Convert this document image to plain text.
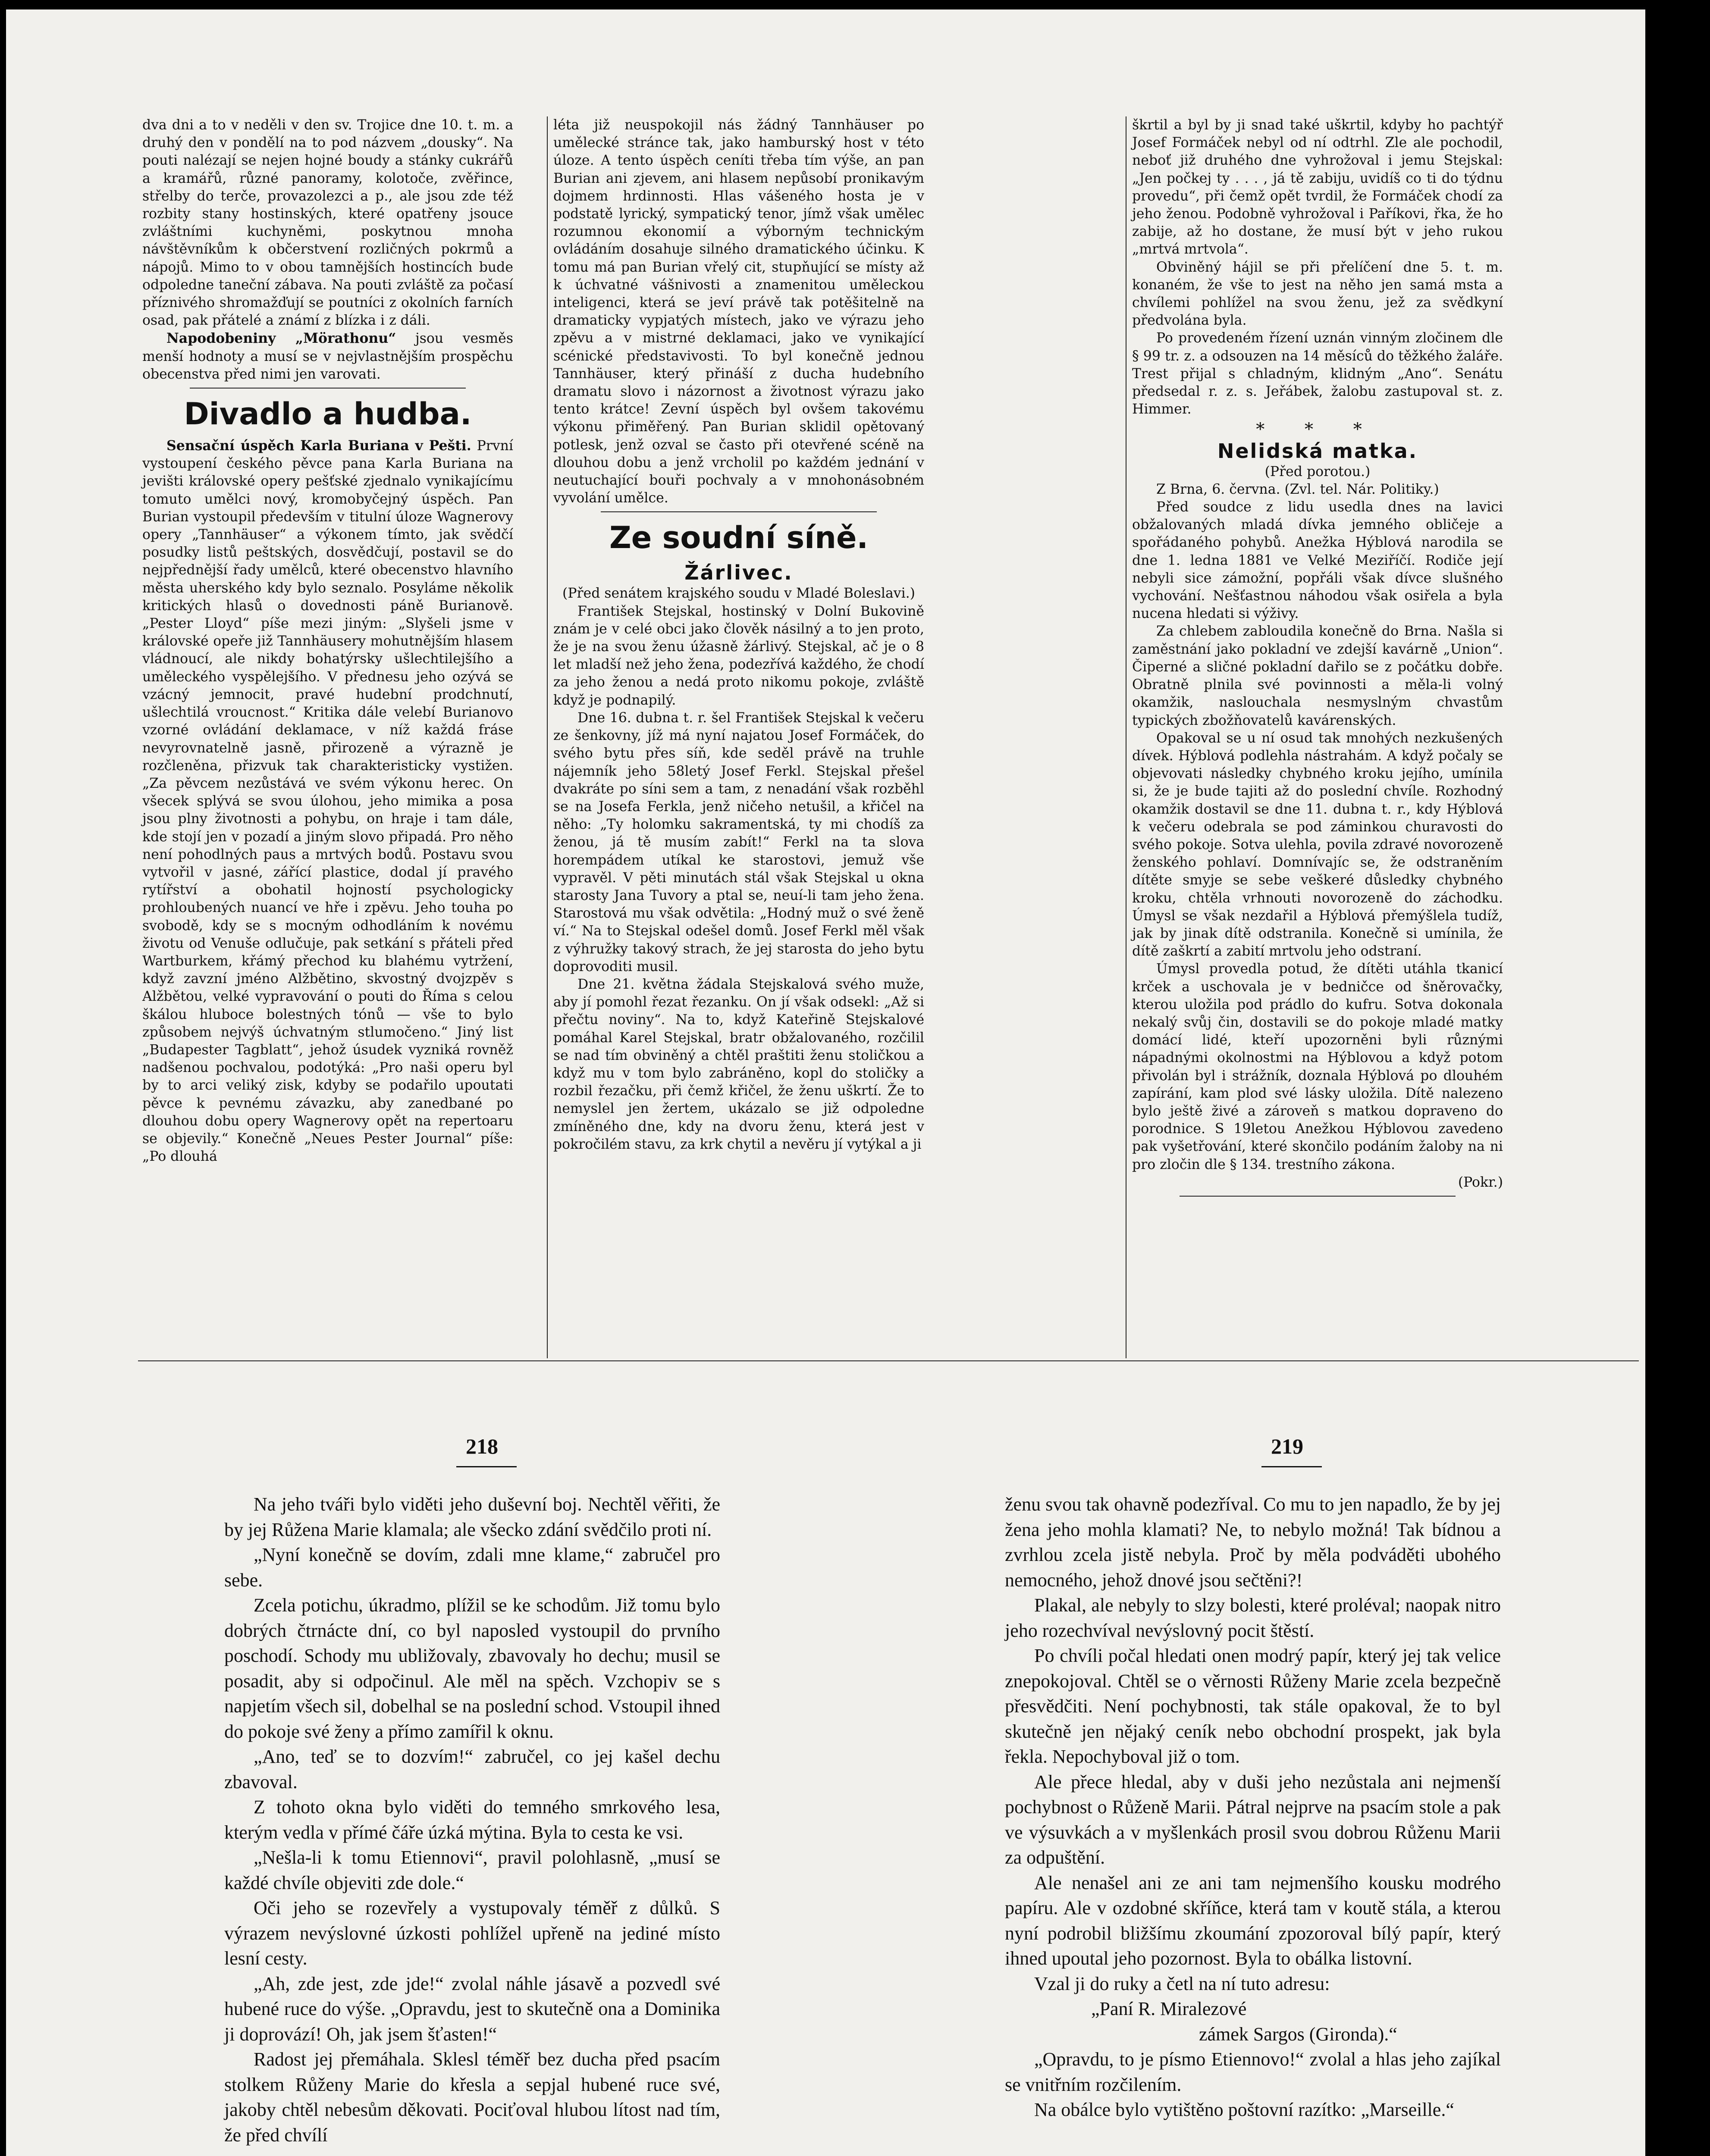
dva dni a to v neděli v den sv. Trojice dne 10. t. m. a druhý den v pondělí na to pod názvem „dousky“. Na pouti nalézají se nejen hojné boudy a stánky cukrářů a kramářů, různé panoramy, kolotoče, zvěřince, střelby do terče, provazolezci a p., ale jsou zde též rozbity stany hostinských, které opatřeny jsouce zvláštními kuchyněmi, poskytnou mnoha návštěvníkům k občerstvení rozličných pokrmů a nápojů. Mimo to v obou tamnějších hostincích bude odpoledne taneční zábava. Na pouti zvláště za počasí příznivého shromažďují se poutníci z okolních farních osad, pak přátelé a známí z blízka i z dáli.

Napodobeniny „Mörathonu“ jsou vesměs menší hodnoty a musí se v nejvlastnějším prospěchu obecenstva před nimi jen varovati.

Divadlo a hudba.

Sensační úspěch Karla Buriana v Pešti. První vystoupení českého pěvce pana Karla Buriana na jevišti královské opery pešťské zjednalo vynikajícímu tomuto umělci nový, kromobyčejný úspěch. Pan Burian vystoupil především v titulní úloze Wagnerovy opery „Tannhäuser“ a výkonem tímto, jak svědčí posudky listů peštských, dosvědčují, postavil se do nejpřednější řady umělců, které obecenstvo hlavního města uherského kdy bylo seznalo. Posyláme několik kritických hlasů o dovednosti páně Burianově. „Pester Lloyd“ píše mezi jiným: „Slyšeli jsme v královské opeře již Tannhäusery mohutnějším hlasem vládnoucí, ale nikdy bohatýrsky ušlechtilejšího a uměleckého vyspělejšího. V přednesu jeho ozývá se vzácný jemnocit, pravé hudební prodchnutí, ušlechtilá vroucnost.“ Kritika dále velebí Burianovo vzorné ovládání deklamace, v níž každá fráse nevyrovnatelně jasně, přirozeně a výrazně je rozčleněna, přizvuk tak charakteristicky vystižen. „Za pěvcem nezůstává ve svém výkonu herec. On všecek splývá se svou úlohou, jeho mimika a posa jsou plny životnosti a pohybu, on hraje i tam dále, kde stojí jen v pozadí a jiným slovo připadá. Pro něho není pohodlných paus a mrtvých bodů. Postavu svou vytvořil v jasné, zářící plastice, dodal jí pravého rytířství a obohatil hojností psychologicky prohloubených nuancí ve hře i zpěvu. Jeho touha po svobodě, kdy se s mocným odhodláním k novému životu od Venuše odlučuje, pak setkání s přáteli před Wartburkem, křámý přechod ku blahému vytržení, když zavzní jméno Alžbětino, skvostný dvojzpěv s Alžbětou, velké vypravování o pouti do Říma s celou škálou hluboce bolestných tónů — vše to bylo způsobem nejvýš úchvatným stlumočeno.“ Jiný list „Budapester Tagblatt“, jehož úsudek vyzniká rovněž nadšenou pochvalou, podotýká: „Pro naši operu byl by to arci veliký zisk, kdyby se podařilo upoutati pěvce k pevnému závazku, aby zanedbané po dlouhou dobu opery Wagnerovy opět na repertoaru se objevily.“ Konečně „Neues Pester Journal“ píše: „Po dlouhá

léta již neuspokojil nás žádný Tannhäuser po umělecké stránce tak, jako hamburský host v této úloze. A tento úspěch ceníti třeba tím výše, an pan Burian ani zjevem, ani hlasem nepůsobí pronikavým dojmem hrdinnosti. Hlas vášeného hosta je v podstatě lyrický, sympatický tenor, jímž však umělec rozumnou ekonomií a výborným technickým ovládáním dosahuje silného dramatického účinku. K tomu má pan Burian vřelý cit, stupňující se místy až k úchvatné vášnivosti a znamenitou uměleckou inteligenci, která se jeví právě tak potěšitelně na dramaticky vypjatých místech, jako ve výrazu jeho zpěvu a v mistrné deklamaci, jako ve vynikající scénické představivosti. To byl konečně jednou Tannhäuser, který přináší z ducha hudebního dramatu slovo i názornost a životnost výrazu jako tento krátce! Zevní úspěch byl ovšem takovému výkonu přiměřený. Pan Burian sklidil opětovaný potlesk, jenž ozval se často při otevřené scéně na dlouhou dobu a jenž vrcholil po každém jednání v neutuchající bouři pochvaly a v mnohonásobném vyvolání umělce.

Ze soudní síně.
Žárlivec.

(Před senátem krajského soudu v Mladé Boleslavi.)

František Stejskal, hostinský v Dolní Bukovině znám je v celé obci jako člověk násilný a to jen proto, že je na svou ženu úžasně žárlivý. Stejskal, ač je o 8 let mladší než jeho žena, podezřívá každého, že chodí za jeho ženou a nedá proto nikomu pokoje, zvláště když je podnapilý.

Dne 16. dubna t. r. šel František Stejskal k večeru ze šenkovny, jíž má nyní najatou Josef Formáček, do svého bytu přes síň, kde seděl právě na truhle nájemník jeho 58letý Josef Ferkl. Stejskal přešel dvakráte po síni sem a tam, z nenadání však rozběhl se na Josefa Ferkla, jenž ničeho netušil, a křičel na něho: „Ty holomku sakramentská, ty mi chodíš za ženou, já tě musím zabít!“ Ferkl na ta slova horempádem utíkal ke starostovi, jemuž vše vypravěl. V pěti minutách stál však Stejskal u okna starosty Jana Tuvory a ptal se, neuí-li tam jeho žena. Starostová mu však odvětila: „Hodný muž o své ženě ví.“ Na to Stejskal odešel domů. Josef Ferkl měl však z výhružky takový strach, že jej starosta do jeho bytu doprovoditi musil.

Dne 21. května žádala Stejskalová svého muže, aby jí pomohl řezat řezanku. On jí však odsekl: „Až si přečtu noviny“. Na to, když Kateřině Stejskalové pomáhal Karel Stejskal, bratr obžalovaného, rozčilil se nad tím obviněný a chtěl praštiti ženu stoličkou a když mu v tom bylo zabráněno, kopl do stoličky a rozbil řezačku, při čemž křičel, že ženu uškrtí. Že to nemyslel jen žertem, ukázalo se již odpoledne zmíněného dne, kdy na dvoru ženu, která jest v pokročilém stavu, za krk chytil a nevěru jí vytýkal a ji

škrtil a byl by ji snad také uškrtil, kdyby ho pachtýř Josef Formáček nebyl od ní odtrhl. Zle ale pochodil, neboť již druhého dne vyhrožoval i jemu Stejskal: „Jen počkej ty . . . , já tě zabiju, uvidíš co ti do týdnu provedu“, při čemž opět tvrdil, že Formáček chodí za jeho ženou. Podobně vyhrožoval i Paříkovi, řka, že ho zabije, až ho dostane, že musí být v jeho rukou „mrtvá mrtvola“.

Obviněný hájil se při přelíčení dne 5. t. m. konaném, že vše to jest na něho jen samá msta a chvílemi pohlížel na svou ženu, jež za svědkyní předvolána byla.

Po provedeném řízení uznán vinným zločinem dle § 99 tr. z. a odsouzen na 14 měsíců do těžkého žaláře. Trest přijal s chladným, klidným „Ano“. Senátu předsedal r. z. s. Jeřábek, žalobu zastupoval st. z. Himmer.

* * *
Nelidská matka.

(Před porotou.)

Z Brna, 6. června. (Zvl. tel. Nár. Politiky.)

Před soudce z lidu usedla dnes na lavici obžalovaných mladá dívka jemného obličeje a spořádaného pohybů. Anežka Hýblová narodila se dne 1. ledna 1881 ve Velké Meziříčí. Rodiče její nebyli sice zámožní, popřáli však dívce slušného vychování. Nešťastnou náhodou však osiřela a byla nucena hledati si výživy.

Za chlebem zabloudila konečně do Brna. Našla si zaměstnání jako pokladní ve zdejší kavárně „Union“. Čiperné a sličné pokladní dařilo se z počátku dobře. Obratně plnila své povinnosti a měla-li volný okamžik, naslouchala nesmyslným chvastům typických zbožňovatelů kavárenských.

Opakoval se u ní osud tak mnohých nezkušených dívek. Hýblová podlehla nástrahám. A když počaly se objevovati následky chybného kroku jejího, umínila si, že je bude tajiti až do poslední chvíle. Rozhodný okamžik dostavil se dne 11. dubna t. r., kdy Hýblová k večeru odebrala se pod záminkou churavosti do svého pokoje. Sotva ulehla, povila zdravé novorozeně ženského pohlaví. Domnívajíc se, že odstraněním dítěte smyje se sebe veškeré důsledky chybného kroku, chtěla vrhnouti novorozeně do záchodku. Úmysl se však nezdařil a Hýblová přemýšlela tudíž, jak by jinak dítě odstranila. Konečně si umínila, že dítě zaškrtí a zabití mrtvolu jeho odstraní.

Úmysl provedla potud, že dítěti utáhla tkanicí krček a uschovala je v bedničce od šněrovačky, kterou uložila pod prádlo do kufru. Sotva dokonala nekalý svůj čin, dostavili se do pokoje mladé matky domácí lidé, kteří upozorněni byli různými nápadnými okolnostmi na Hýblovou a když potom přivolán byl i strážník, doznala Hýblová po dlouhém zapírání, kam plod své lásky uložila. Dítě nalezeno bylo ještě živé a zároveň s matkou dopraveno do porodnice. S 19letou Anežkou Hýblovou zavedeno pak vyšetřování, které skončilo podáním žaloby na ni pro zločin dle § 134. trestního zákona.

(Pokr.)

218	219

Na jeho tváři bylo viděti jeho duševní boj. Nechtěl věřiti, že by jej Růžena Marie klamala; ale všecko zdání svědčilo proti ní.

„Nyní konečně se dovím, zdali mne klame,“ zabručel pro sebe.

Zcela potichu, úkradmo, plížil se ke schodům. Již tomu bylo dobrých čtrnácte dní, co byl naposled vystoupil do prvního poschodí. Schody mu ubližovaly, zbavovaly ho dechu; musil se posadit, aby si odpočinul. Ale měl na spěch. Vzchopiv se s napjetím všech sil, dobelhal se na poslední schod. Vstoupil ihned do pokoje své ženy a přímo zamířil k oknu.

„Ano, teď se to dozvím!“ zabručel, co jej kašel dechu zbavoval.

Z tohoto okna bylo viděti do temného smrkového lesa, kterým vedla v přímé čáře úzká mýtina. Byla to cesta ke vsi.

„Nešla-li k tomu Etiennovi“, pravil polohlasně, „musí se každé chvíle objeviti zde dole.“

Oči jeho se rozevřely a vystupovaly téměř z důlků. S výrazem nevýslovné úzkosti pohlížel upřeně na jediné místo lesní cesty.

„Ah, zde jest, zde jde!“ zvolal náhle jásavě a pozvedl své hubené ruce do výše. „Opravdu, jest to skutečně ona a Dominika ji doprovází! Oh, jak jsem šťasten!“

Radost jej přemáhala. Sklesl téměř bez ducha před psacím stolkem Růženy Marie do křesla a sepjal hubené ruce své, jakoby chtěl nebesům děkovati. Pociťoval hlubou lítost nad tím, že před chvílí

ženu svou tak ohavně podezříval. Co mu to jen napadlo, že by jej žena jeho mohla klamati? Ne, to nebylo možná! Tak bídnou a zvrhlou zcela jistě nebyla. Proč by měla podváděti ubohého nemocného, jehož dnové jsou sečtěni?!

Plakal, ale nebyly to slzy bolesti, které proléval; naopak nitro jeho rozechvíval nevýslovný pocit štěstí.

Po chvíli počal hledati onen modrý papír, který jej tak velice znepokojoval. Chtěl se o věrnosti Růženy Marie zcela bezpečně přesvědčiti. Není pochybnosti, tak stále opakoval, že to byl skutečně jen nějaký ceník nebo obchodní prospekt, jak byla řekla. Nepochyboval již o tom.

Ale přece hledal, aby v duši jeho nezůstala ani nejmenší pochybnost o Růženě Marii. Pátral nejprve na psacím stole a pak ve výsuvkách a v myšlenkách prosil svou dobrou Růženu Marii za odpuštění.

Ale nenašel ani ze ani tam nejmenšího kousku modrého papíru. Ale v ozdobné skříňce, která tam v koutě stála, a kterou nyní podrobil bližšímu zkoumání zpozoroval bílý papír, který ihned upoutal jeho pozornost. Byla to obálka listovní.

Vzal ji do ruky a četl na ní tuto adresu:

„Paní R. Miralezové

zámek Sargos (Gironda).“

„Opravdu, to je písmo Etiennovo!“ zvolal a hlas jeho zajíkal se vnitřním rozčilením.

Na obálce bylo vytištěno poštovní razítko: „Marseille.“
